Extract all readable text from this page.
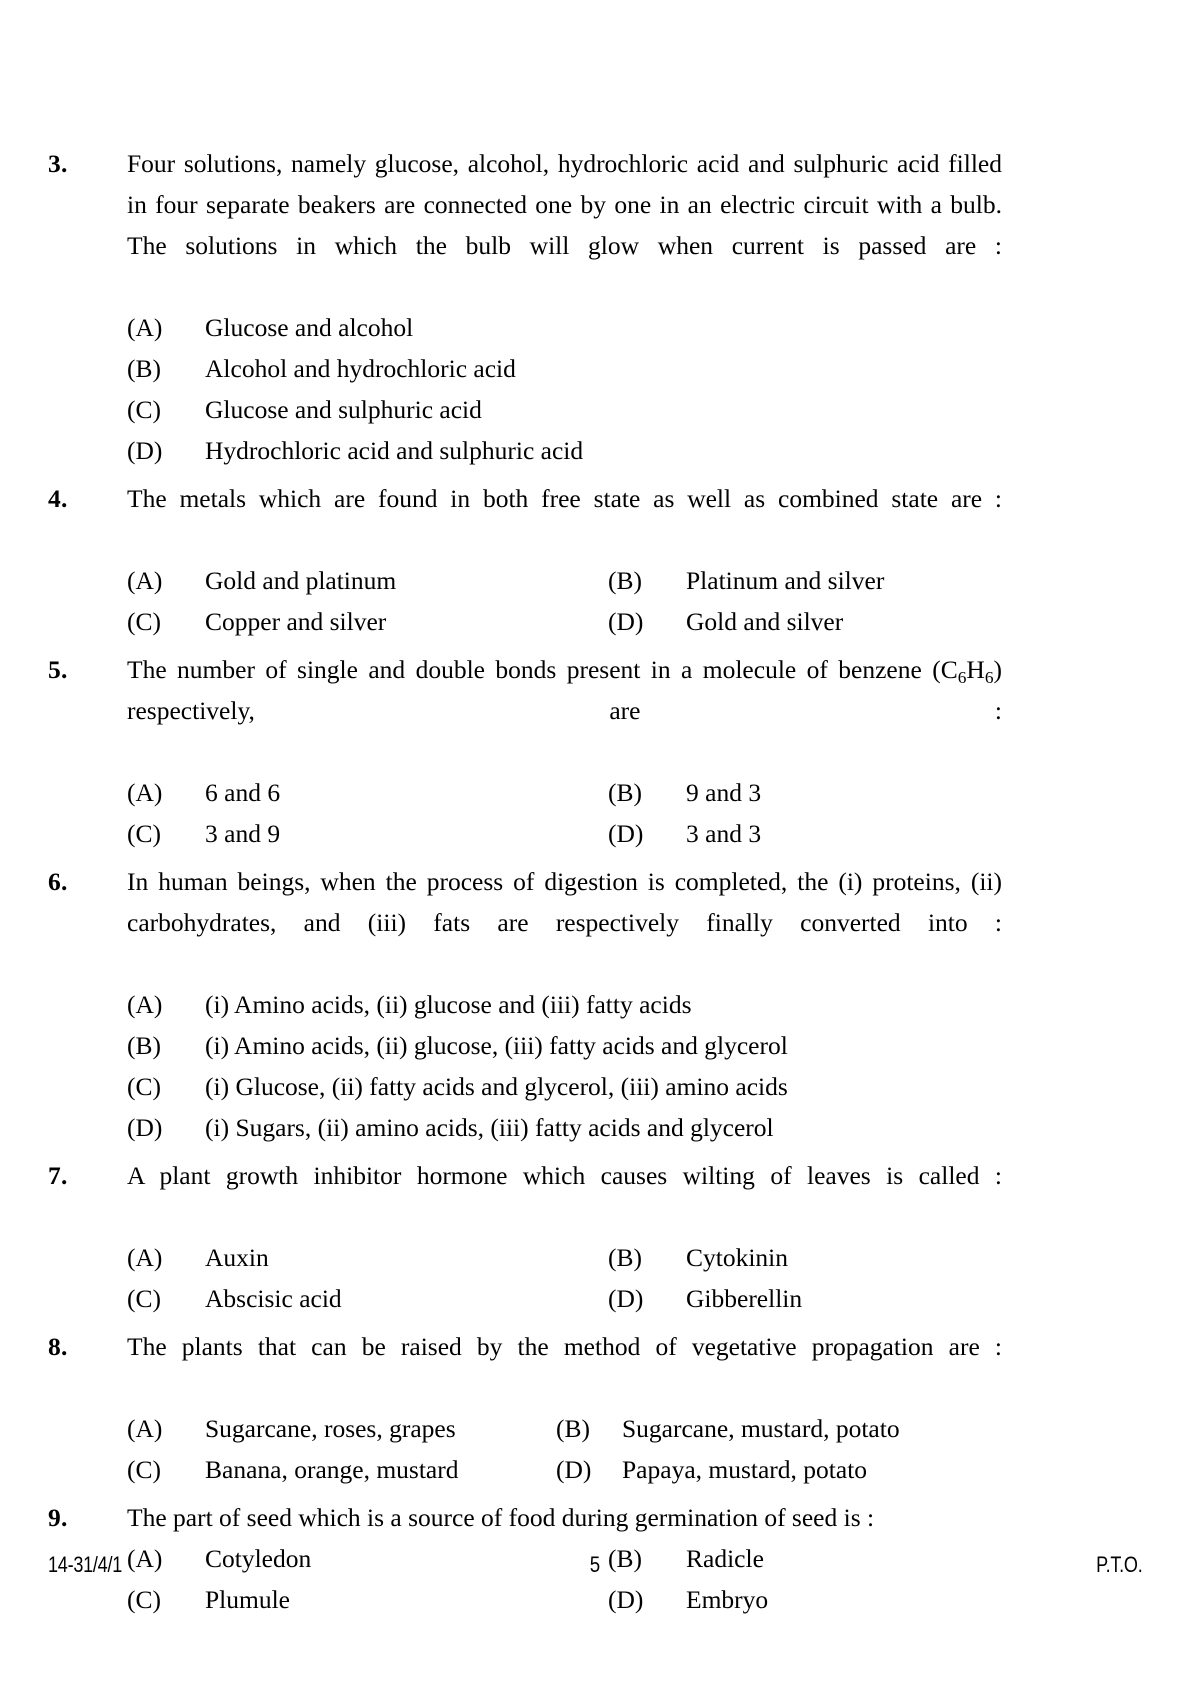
3.	Four solutions, namely glucose, alcohol, hydrochloric acid and sulphuric acid filled in four separate beakers are connected one by one in an electric circuit with a bulb. The solutions in which the bulb will glow when current is passed are :
(A) Glucose and alcohol
(B) Alcohol and hydrochloric acid
(C) Glucose and sulphuric acid
(D) Hydrochloric acid and sulphuric acid
4.	The metals which are found in both free state as well as combined state are :
(A) Gold and platinum	(B) Platinum and silver
(C) Copper and silver	(D) Gold and silver
5.	The number of single and double bonds present in a molecule of benzene $(C_6H_6)$ respectively, are :
(A) 6 and 6	(B) 9 and 3
(C) 3 and 9	(D) 3 and 3
6.	In human beings, when the process of digestion is completed, the (i) proteins, (ii) carbohydrates, and (iii) fats are respectively finally converted into :
(A) (i) Amino acids, (ii) glucose and (iii) fatty acids
(B) (i) Amino acids, (ii) glucose, (iii) fatty acids and glycerol
(C) (i) Glucose, (ii) fatty acids and glycerol, (iii) amino acids
(D) (i) Sugars, (ii) amino acids, (iii) fatty acids and glycerol
7.	A plant growth inhibitor hormone which causes wilting of leaves is called :
(A) Auxin	(B) Cytokinin
(C) Abscisic acid	(D) Gibberellin
8.	The plants that can be raised by the method of vegetative propagation are :
(A) Sugarcane, roses, grapes	(B) Sugarcane, mustard, potato
(C) Banana, orange, mustard	(D) Papaya, mustard, potato
9.	The part of seed which is a source of food during germination of seed is :
(A) Cotyledon	(B) Radicle
(C) Plumule	(D) Embryo
14-31/4/1	5	P.T.O.
